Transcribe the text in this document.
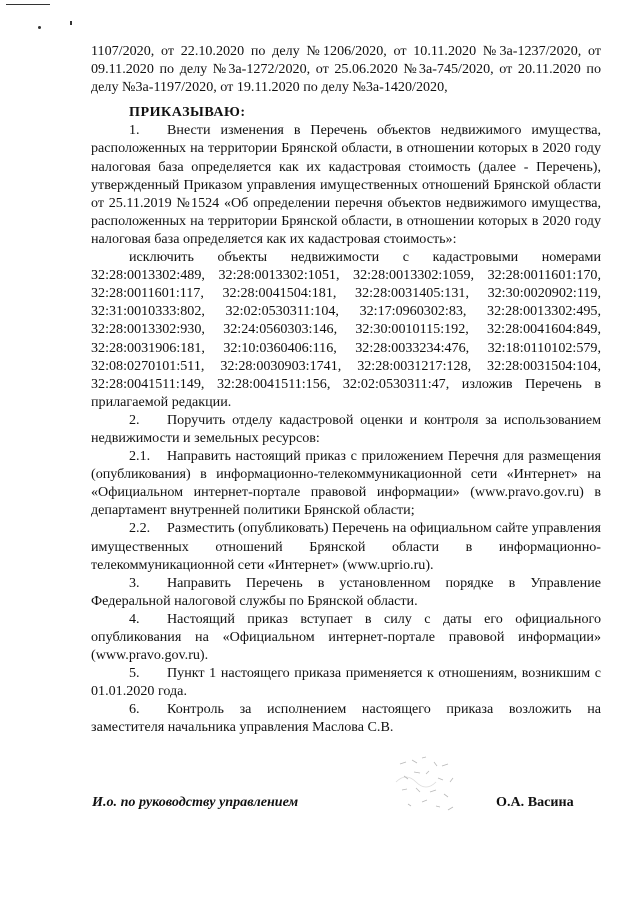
1107/2020, от 22.10.2020 по делу №1206/2020, от 10.11.2020 №3а-1237/2020, от 09.11.2020 по делу №3а-1272/2020, от 25.06.2020 №3а-745/2020, от 20.11.2020 по делу №3а-1197/2020, от 19.11.2020 по делу №3а-1420/2020,

ПРИКАЗЫВАЮ:

1. Внести изменения в Перечень объектов недвижимого имущества, расположенных на территории Брянской области, в отношении которых в 2020 году налоговая база определяется как их кадастровая стоимость (далее - Перечень), утвержденный Приказом управления имущественных отношений Брянской области от 25.11.2019 №1524 «Об определении перечня объектов недвижимого имущества, расположенных на территории Брянской области, в отношении которых в 2020 году налоговая база определяется как их кадастровая стоимость»:

исключить объекты недвижимости с кадастровыми номерами 32:28:0013302:489, 32:28:0013302:1051, 32:28:0013302:1059, 32:28:0011601:170, 32:28:0011601:117, 32:28:0041504:181, 32:28:0031405:131, 32:30:0020902:119, 32:31:0010333:802, 32:02:0530311:104, 32:17:0960302:83, 32:28:0013302:495, 32:28:0013302:930, 32:24:0560303:146, 32:30:0010115:192, 32:28:0041604:849, 32:28:0031906:181, 32:10:0360406:116, 32:28:0033234:476, 32:18:0110102:579, 32:08:0270101:511, 32:28:0030903:1741, 32:28:0031217:128, 32:28:0031504:104, 32:28:0041511:149, 32:28:0041511:156, 32:02:0530311:47, изложив Перечень в прилагаемой редакции.

2. Поручить отделу кадастровой оценки и контроля за использованием недвижимости и земельных ресурсов:

2.1. Направить настоящий приказ с приложением Перечня для размещения (опубликования) в информационно-телекоммуникационной сети «Интернет» на «Официальном интернет-портале правовой информации» (www.pravo.gov.ru) в департамент внутренней политики Брянской области;

2.2. Разместить (опубликовать) Перечень на официальном сайте управления имущественных отношений Брянской области в информационно-телекоммуникационной сети «Интернет» (www.uprio.ru).

3. Направить Перечень в установленном порядке в Управление Федеральной налоговой службы по Брянской области.

4. Настоящий приказ вступает в силу с даты его официального опубликования на «Официальном интернет-портале правовой информации» (www.pravo.gov.ru).

5. Пункт 1 настоящего приказа применяется к отношениям, возникшим с 01.01.2020 года.

6. Контроль за исполнением настоящего приказа возложить на заместителя начальника управления Маслова С.В.

И.о. по руководству управлением	О.А. Васина
